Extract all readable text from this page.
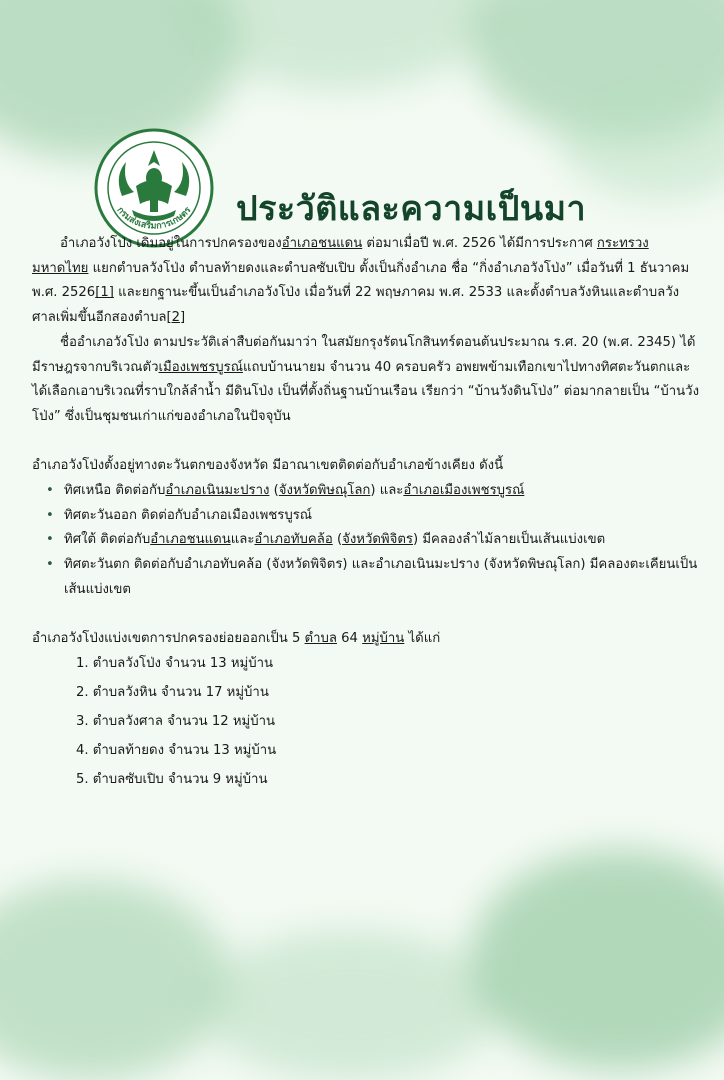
กรมส่งเสริมการเกษตร ประวัติและความเป็นมา

อำเภอวังโป่ง เดิมอยู่ในการปกครองของอำเภอชนแดน ต่อมาเมื่อปี พ.ศ. 2526 ได้มีการประกาศ กระทรวงมหาดไทย แยกตำบลวังโป่ง ตำบลท้ายดงและตำบลซับเปิบ ตั้งเป็นกิ่งอำเภอ ชื่อ “กิ่งอำเภอวังโป่ง” เมื่อวันที่ 1 ธันวาคม พ.ศ. 2526[1] และยกฐานะขึ้นเป็นอำเภอวังโป่ง เมื่อวันที่ 22 พฤษภาคม พ.ศ. 2533 และตั้งตำบลวังหินและตำบลวังศาลเพิ่มขึ้นอีกสองตำบล[2]

ชื่ออำเภอวังโป่ง ตามประวัติเล่าสืบต่อกันมาว่า ในสมัยกรุงรัตนโกสินทร์ตอนต้นประมาณ ร.ศ. 20 (พ.ศ. 2345) ได้มีราษฎรจากบริเวณตัวเมืองเพชรบูรณ์แถบบ้านนายม จำนวน 40 ครอบครัว อพยพข้ามเทือกเขาไปทางทิศตะวันตกและได้เลือกเอาบริเวณที่ราบใกล้ลำน้ำ มีดินโป่ง เป็นที่ตั้งถิ่นฐานบ้านเรือน เรียกว่า “บ้านวังดินโป่ง” ต่อมากลายเป็น “บ้านวังโป่ง” ซึ่งเป็นชุมชนเก่าแก่ของอำเภอในปัจจุบัน

อำเภอวังโป่งตั้งอยู่ทางตะวันตกของจังหวัด มีอาณาเขตติดต่อกับอำเภอข้างเคียง ดังนี้

• ทิศเหนือ ติดต่อกับอำเภอเนินมะปราง (จังหวัดพิษณุโลก) และอำเภอเมืองเพชรบูรณ์
• ทิศตะวันออก ติดต่อกับอำเภอเมืองเพชรบูรณ์
• ทิศใต้ ติดต่อกับอำเภอชนแดนและอำเภอทับคล้อ (จังหวัดพิจิตร) มีคลองลำไม้ลายเป็นเส้นแบ่งเขต
• ทิศตะวันตก ติดต่อกับอำเภอทับคล้อ (จังหวัดพิจิตร) และอำเภอเนินมะปราง (จังหวัดพิษณุโลก) มีคลองตะเคียนเป็นเส้นแบ่งเขต

อำเภอวังโป่งแบ่งเขตการปกครองย่อยออกเป็น 5 ตำบล 64 หมู่บ้าน ได้แก่

1. ตำบลวังโป่ง จำนวน 13 หมู่บ้าน
2. ตำบลวังหิน จำนวน 17 หมู่บ้าน
3. ตำบลวังศาล จำนวน 12 หมู่บ้าน
4. ตำบลท้ายดง จำนวน 13 หมู่บ้าน
5. ตำบลซับเปิบ จำนวน 9 หมู่บ้าน
